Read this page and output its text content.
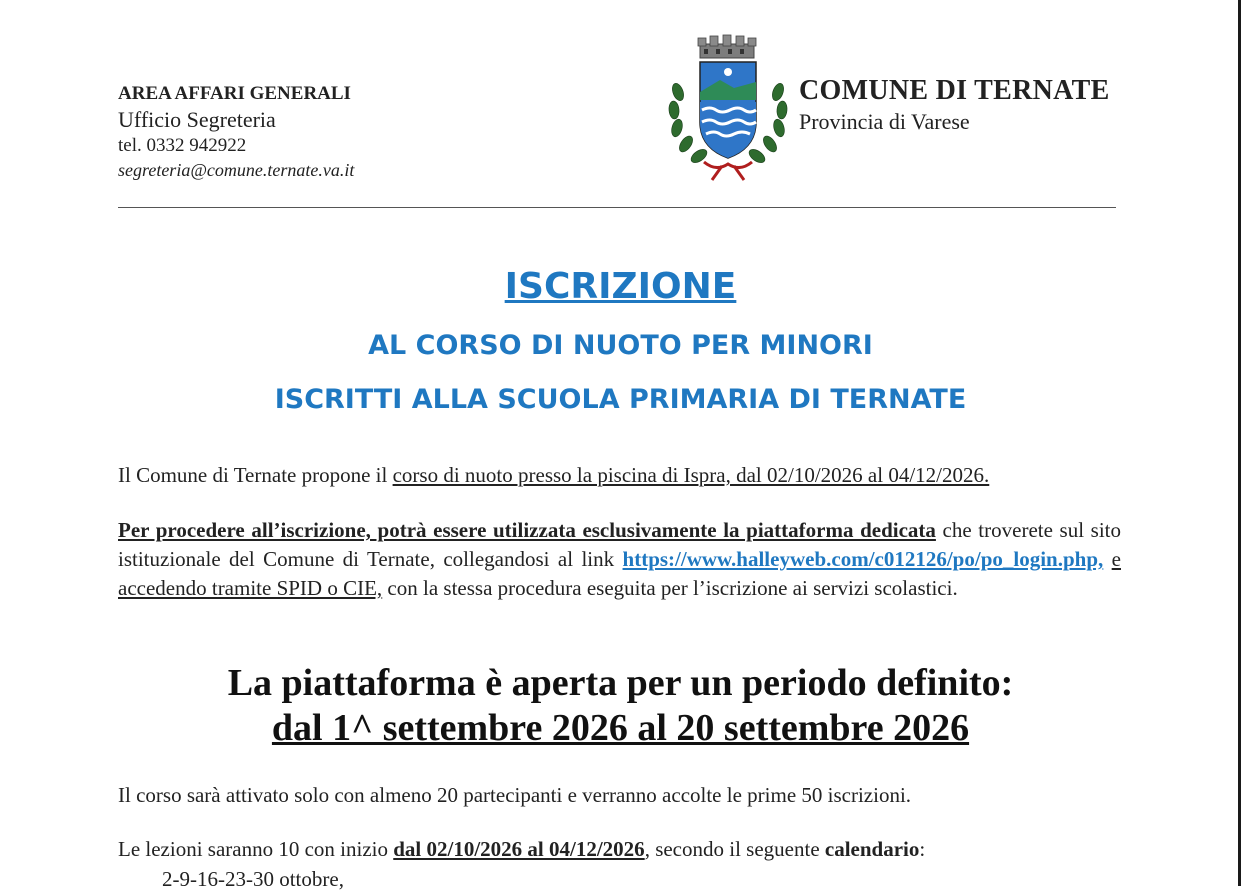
AREA AFFARI GENERALI
Ufficio Segreteria
tel. 0332 942922
segreteria@comune.ternate.va.it
COMUNE DI TERNATE
Provincia di Varese
ISCRIZIONE
AL CORSO DI NUOTO PER MINORI
ISCRITTI ALLA SCUOLA PRIMARIA DI TERNATE
Il Comune di Ternate propone il corso di nuoto presso la piscina di Ispra, dal 02/10/2026 al 04/12/2026.
Per procedere all’iscrizione, potrà essere utilizzata esclusivamente la piattaforma dedicata che troverete sul sito istituzionale del Comune di Ternate, collegandosi al link https://www.halleyweb.com/c012126/po/po_login.php, e accedendo tramite SPID o CIE, con la stessa procedura eseguita per l’iscrizione ai servizi scolastici.
La piattaforma è aperta per un periodo definito:
dal 1^ settembre 2026 al 20 settembre 2026
Il corso sarà attivato solo con almeno 20 partecipanti e verranno accolte le prime 50 iscrizioni.
Le lezioni saranno 10 con inizio dal 02/10/2026 al 04/12/2026, secondo il seguente calendario:
2-9-16-23-30 ottobre,
